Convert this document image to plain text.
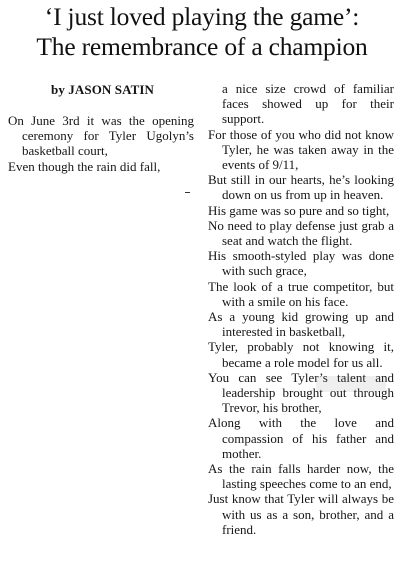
‘I just loved playing the game’:
The remembrance of a champion
by JASON SATIN

On June 3rd it was the opening ceremony for Tyler Ugolyn’s basketball court,

Even though the rain did fall,

a nice size crowd of familiar faces showed up for their support.

For those of you who did not know Tyler, he was taken away in the events of 9/11,

But still in our hearts, he’s looking down on us from up in heaven.

His game was so pure and so tight,

No need to play defense just grab a seat and watch the flight.

His smooth-styled play was done with such grace,

The look of a true competitor, but with a smile on his face.

As a young kid growing up and interested in basketball,

Tyler, probably not knowing it, became a role model for us all.

You can see Tyler’s talent and leadership brought out through Trevor, his brother,

Along with the love and compassion of his father and mother.

As the rain falls harder now, the lasting speeches come to an end,

Just know that Tyler will always be with us as a son, brother, and a friend.
